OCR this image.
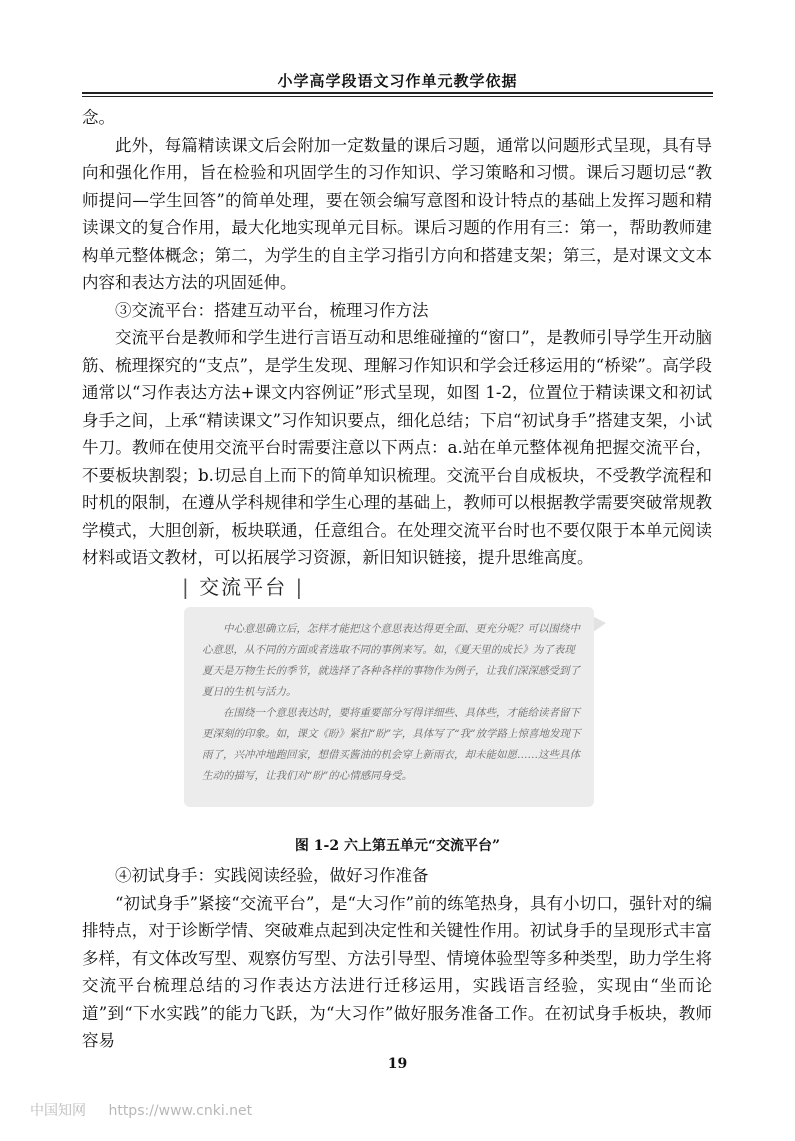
小学高学段语文习作单元教学依据

念。

此外，每篇精读课文后会附加一定数量的课后习题，通常以问题形式呈现，具有导向和强化作用，旨在检验和巩固学生的习作知识、学习策略和习惯。课后习题切忌“教师提问—学生回答”的简单处理，要在领会编写意图和设计特点的基础上发挥习题和精读课文的复合作用，最大化地实现单元目标。课后习题的作用有三：第一，帮助教师建构单元整体概念；第二，为学生的自主学习指引方向和搭建支架；第三，是对课文文本内容和表达方法的巩固延伸。

③交流平台：搭建互动平台，梳理习作方法

交流平台是教师和学生进行言语互动和思维碰撞的“窗口”，是教师引导学生开动脑筋、梳理探究的“支点”，是学生发现、理解习作知识和学会迁移运用的“桥梁”。高学段通常以“习作表达方法+课文内容例证”形式呈现，如图 1-2，位置位于精读课文和初试身手之间，上承“精读课文”习作知识要点，细化总结；下启“初试身手”搭建支架，小试牛刀。教师在使用交流平台时需要注意以下两点：a.站在单元整体视角把握交流平台，不要板块割裂；b.切忌自上而下的简单知识梳理。交流平台自成板块，不受教学流程和时机的限制，在遵从学科规律和学生心理的基础上，教师可以根据教学需要突破常规教学模式，大胆创新，板块联通，任意组合。在处理交流平台时也不要仅限于本单元阅读材料或语文教材，可以拓展学习资源，新旧知识链接，提升思维高度。

| 交流平台 |

中心意思确立后，怎样才能把这个意思表达得更全面、更充分呢？可以围绕中心意思，从不同的方面或者选取不同的事例来写。如，《夏天里的成长》为了表现夏天是万物生长的季节，就选择了各种各样的事物作为例子，让我们深深感受到了夏日的生机与活力。

在围绕一个意思表达时，要将重要部分写得详细些、具体些，才能给读者留下更深刻的印象。如，课文《盼》紧扣“盼”字，具体写了“我”放学路上惊喜地发现下雨了，兴冲冲地跑回家，想借买酱油的机会穿上新雨衣，却未能如愿……这些具体生动的描写，让我们对“盼”的心情感同身受。

图 1-2 六上第五单元“交流平台”

④初试身手：实践阅读经验，做好习作准备

“初试身手”紧接“交流平台”，是“大习作”前的练笔热身，具有小切口，强针对的编排特点，对于诊断学情、突破难点起到决定性和关键性作用。初试身手的呈现形式丰富多样，有文体改写型、观察仿写型、方法引导型、情境体验型等多种类型，助力学生将交流平台梳理总结的习作表达方法进行迁移运用，实践语言经验，实现由“坐而论道”到“下水实践”的能力飞跃，为“大习作”做好服务准备工作。在初试身手板块，教师容易

19
中国知网 https://www.cnki.net
